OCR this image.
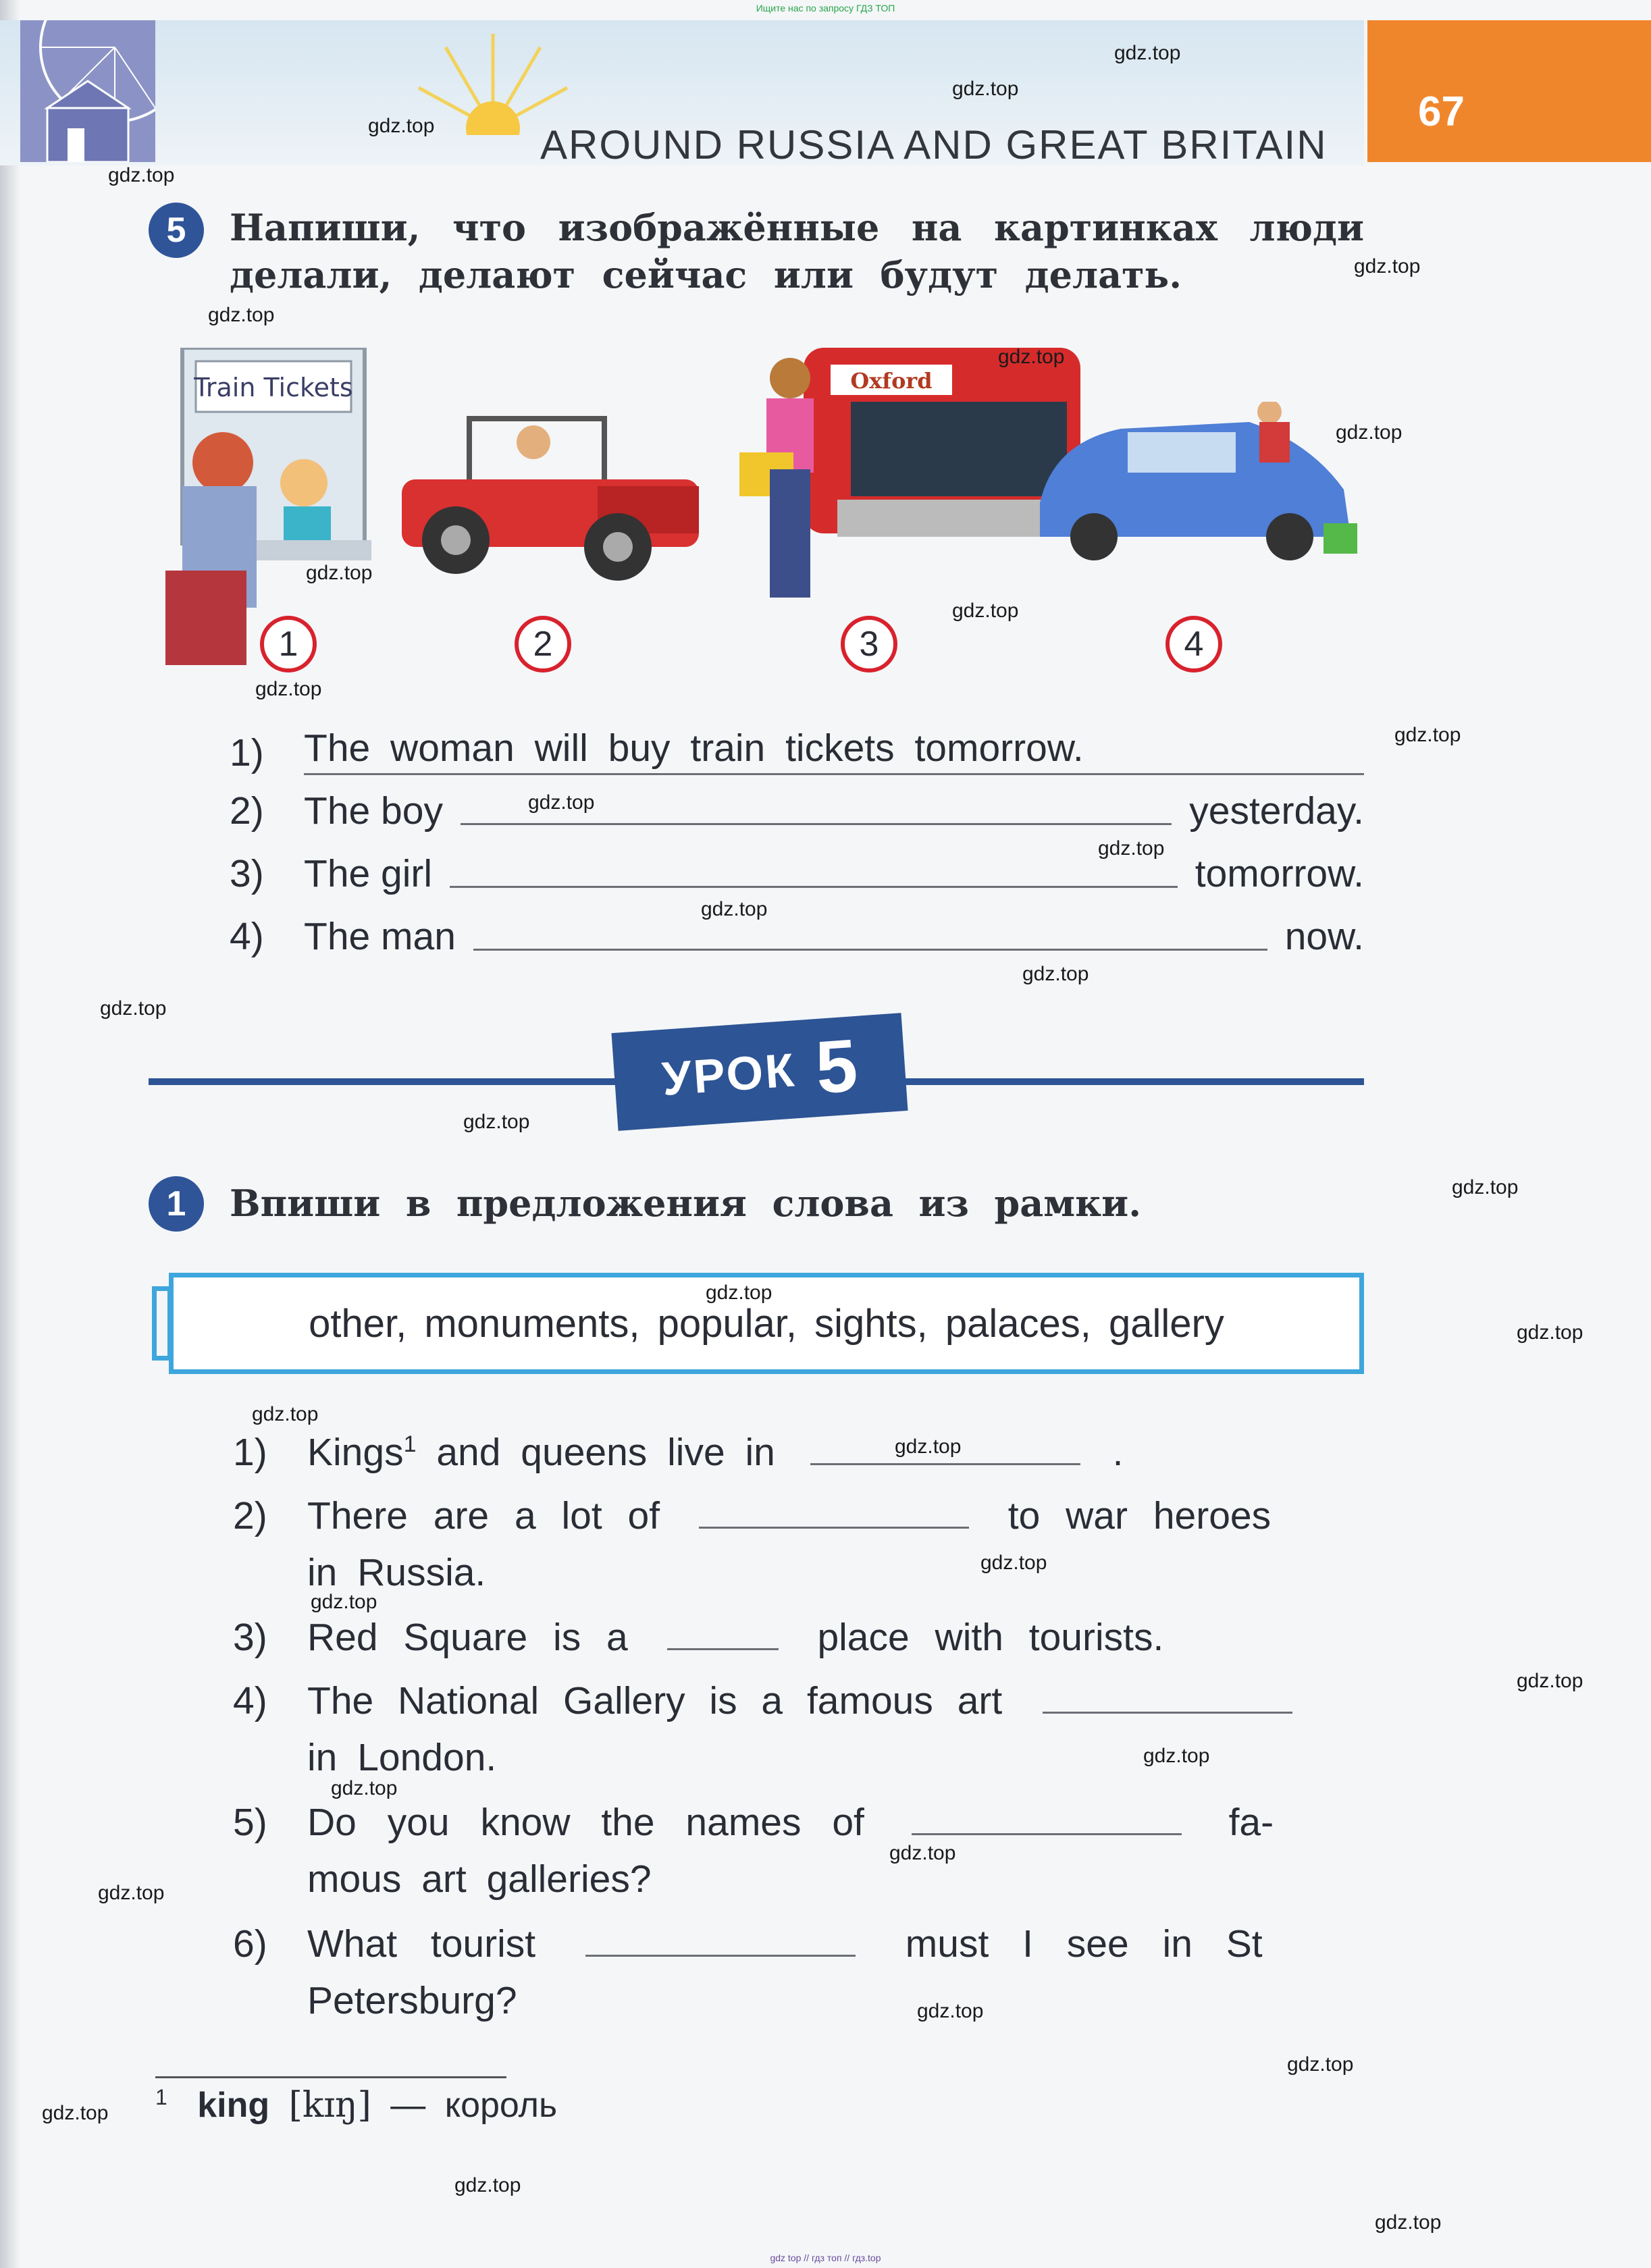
Ищите нас по запросу ГДЗ ТОП
67
AROUND RUSSIA AND GREAT BRITAIN
5	Напиши, что изображённые на картинках люди
делали, делают сейчас или будут делать.
Train Tickets	Oxford
1	2	3	4
1)	The woman will buy train tickets tomorrow.
2)	The boy	yesterday.
3)	The girl	tomorrow.
4)	The man	now.
УРОК 5
1	Впиши в предложения слова из рамки.
other, monuments, popular, sights, palaces, gallery
1) Kings$^1$ and queens live in	.
2) There are a lot of	to war heroes
in Russia.
3) Red Square is a	place with tourists.
4) The National Gallery is a famous art
in London.
5) Do you know the names of	fa-
mous art galleries?
6) What tourist	must I see in St
Petersburg?
$^1$ king [kɪŋ] — король
gdz.top
gdz.top
gdz.top
gdz.top
gdz.top
gdz.top
gdz.top
gdz.top
gdz.top
gdz.top
gdz.top
gdz.top
gdz.top
gdz.top
gdz.top
gdz.top
gdz.top
gdz.top
gdz.top
gdz.top
gdz.top
gdz.top
gdz.top
gdz.top
gdz.top
gdz.top
gdz.top
gdz.top
gdz.top
gdz.top
gdz.top
gdz.top
gdz.top
gdz.top
gdz.top
gdz top // гдз топ // гдз.top
